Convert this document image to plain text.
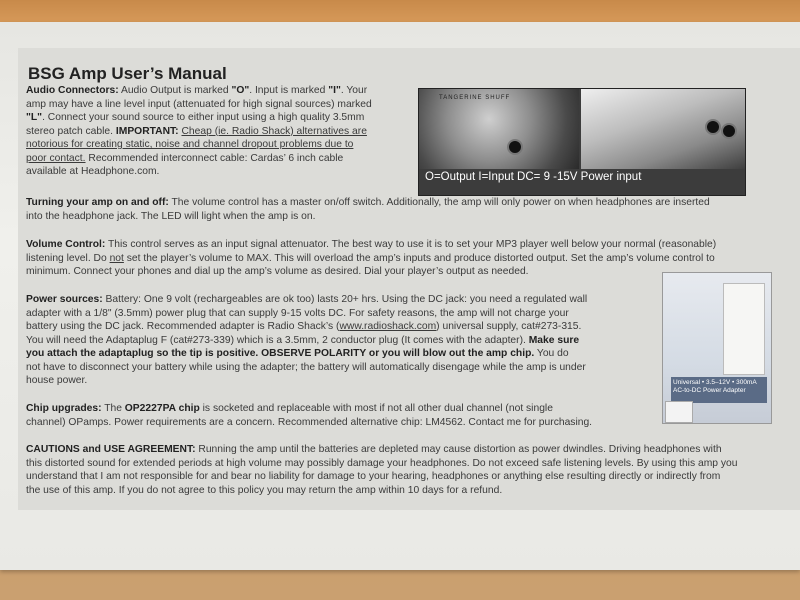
BSG Amp User’s Manual
Audio Connectors: Audio Output is marked "O". Input is marked "I". Your
amp may have a line level input (attenuated for high signal sources) marked
"L". Connect your sound source to either input using a high quality 3.5mm
stereo patch cable. IMPORTANT: Cheap (ie. Radio Shack) alternatives are
notorious for creating static, noise and channel dropout problems due to
poor contact. Recommended interconnect cable: Cardas’ 6 inch cable
available at Headphone.com.
TANGERINE SHUFF
O=Output I=Input DC= 9 -15V Power input
Turning your amp on and off: The volume control has a master on/off switch. Additionally, the amp will only power on when headphones are inserted
into the headphone jack. The LED will light when the amp is on.
Volume Control: This control serves as an input signal attenuator. The best way to use it is to set your MP3 player well below your normal (reasonable)
listening level. Do not set the player’s volume to MAX. This will overload the amp’s inputs and produce distorted output. Set the amp’s volume control to
minimum. Connect your phones and dial up the amp’s volume as desired. Dial your player’s output as needed.
Power sources: Battery: One 9 volt (rechargeables are ok too) lasts 20+ hrs. Using the DC jack: you need a regulated wall
adapter with a 1/8" (3.5mm) power plug that can supply 9-15 volts DC. For safety reasons, the amp will not charge your
battery using the DC jack. Recommended adapter is Radio Shack’s (www.radioshack.com) universal supply, cat#273-315.
You will need the Adaptaplug F (cat#273-339) which is a 3.5mm, 2 conductor plug (It comes with the adapter). Make sure
you attach the adaptaplug so the tip is positive. OBSERVE POLARITY or you will blow out the amp chip. You do
not have to disconnect your battery while using the adapter; the battery will automatically disengage while the amp is under
house power.	Universal • 3.5–12V • 300mA
AC-to-DC Power Adapter
Chip upgrades: The OP2227PA chip is socketed and replaceable with most if not all other dual channel (not single
channel) OPamps. Power requirements are a concern. Recommended alternative chip: LM4562. Contact me for purchasing.
CAUTIONS and USE AGREEMENT: Running the amp until the batteries are depleted may cause distortion as power dwindles. Driving headphones with
this distorted sound for extended periods at high volume may possibly damage your headphones. Do not exceed safe listening levels. By using this amp you
understand that I am not responsible for and bear no liability for damage to your hearing, headphones or anything else resulting directly or indirectly from
the use of this amp. If you do not agree to this policy you may return the amp within 10 days for a refund.
